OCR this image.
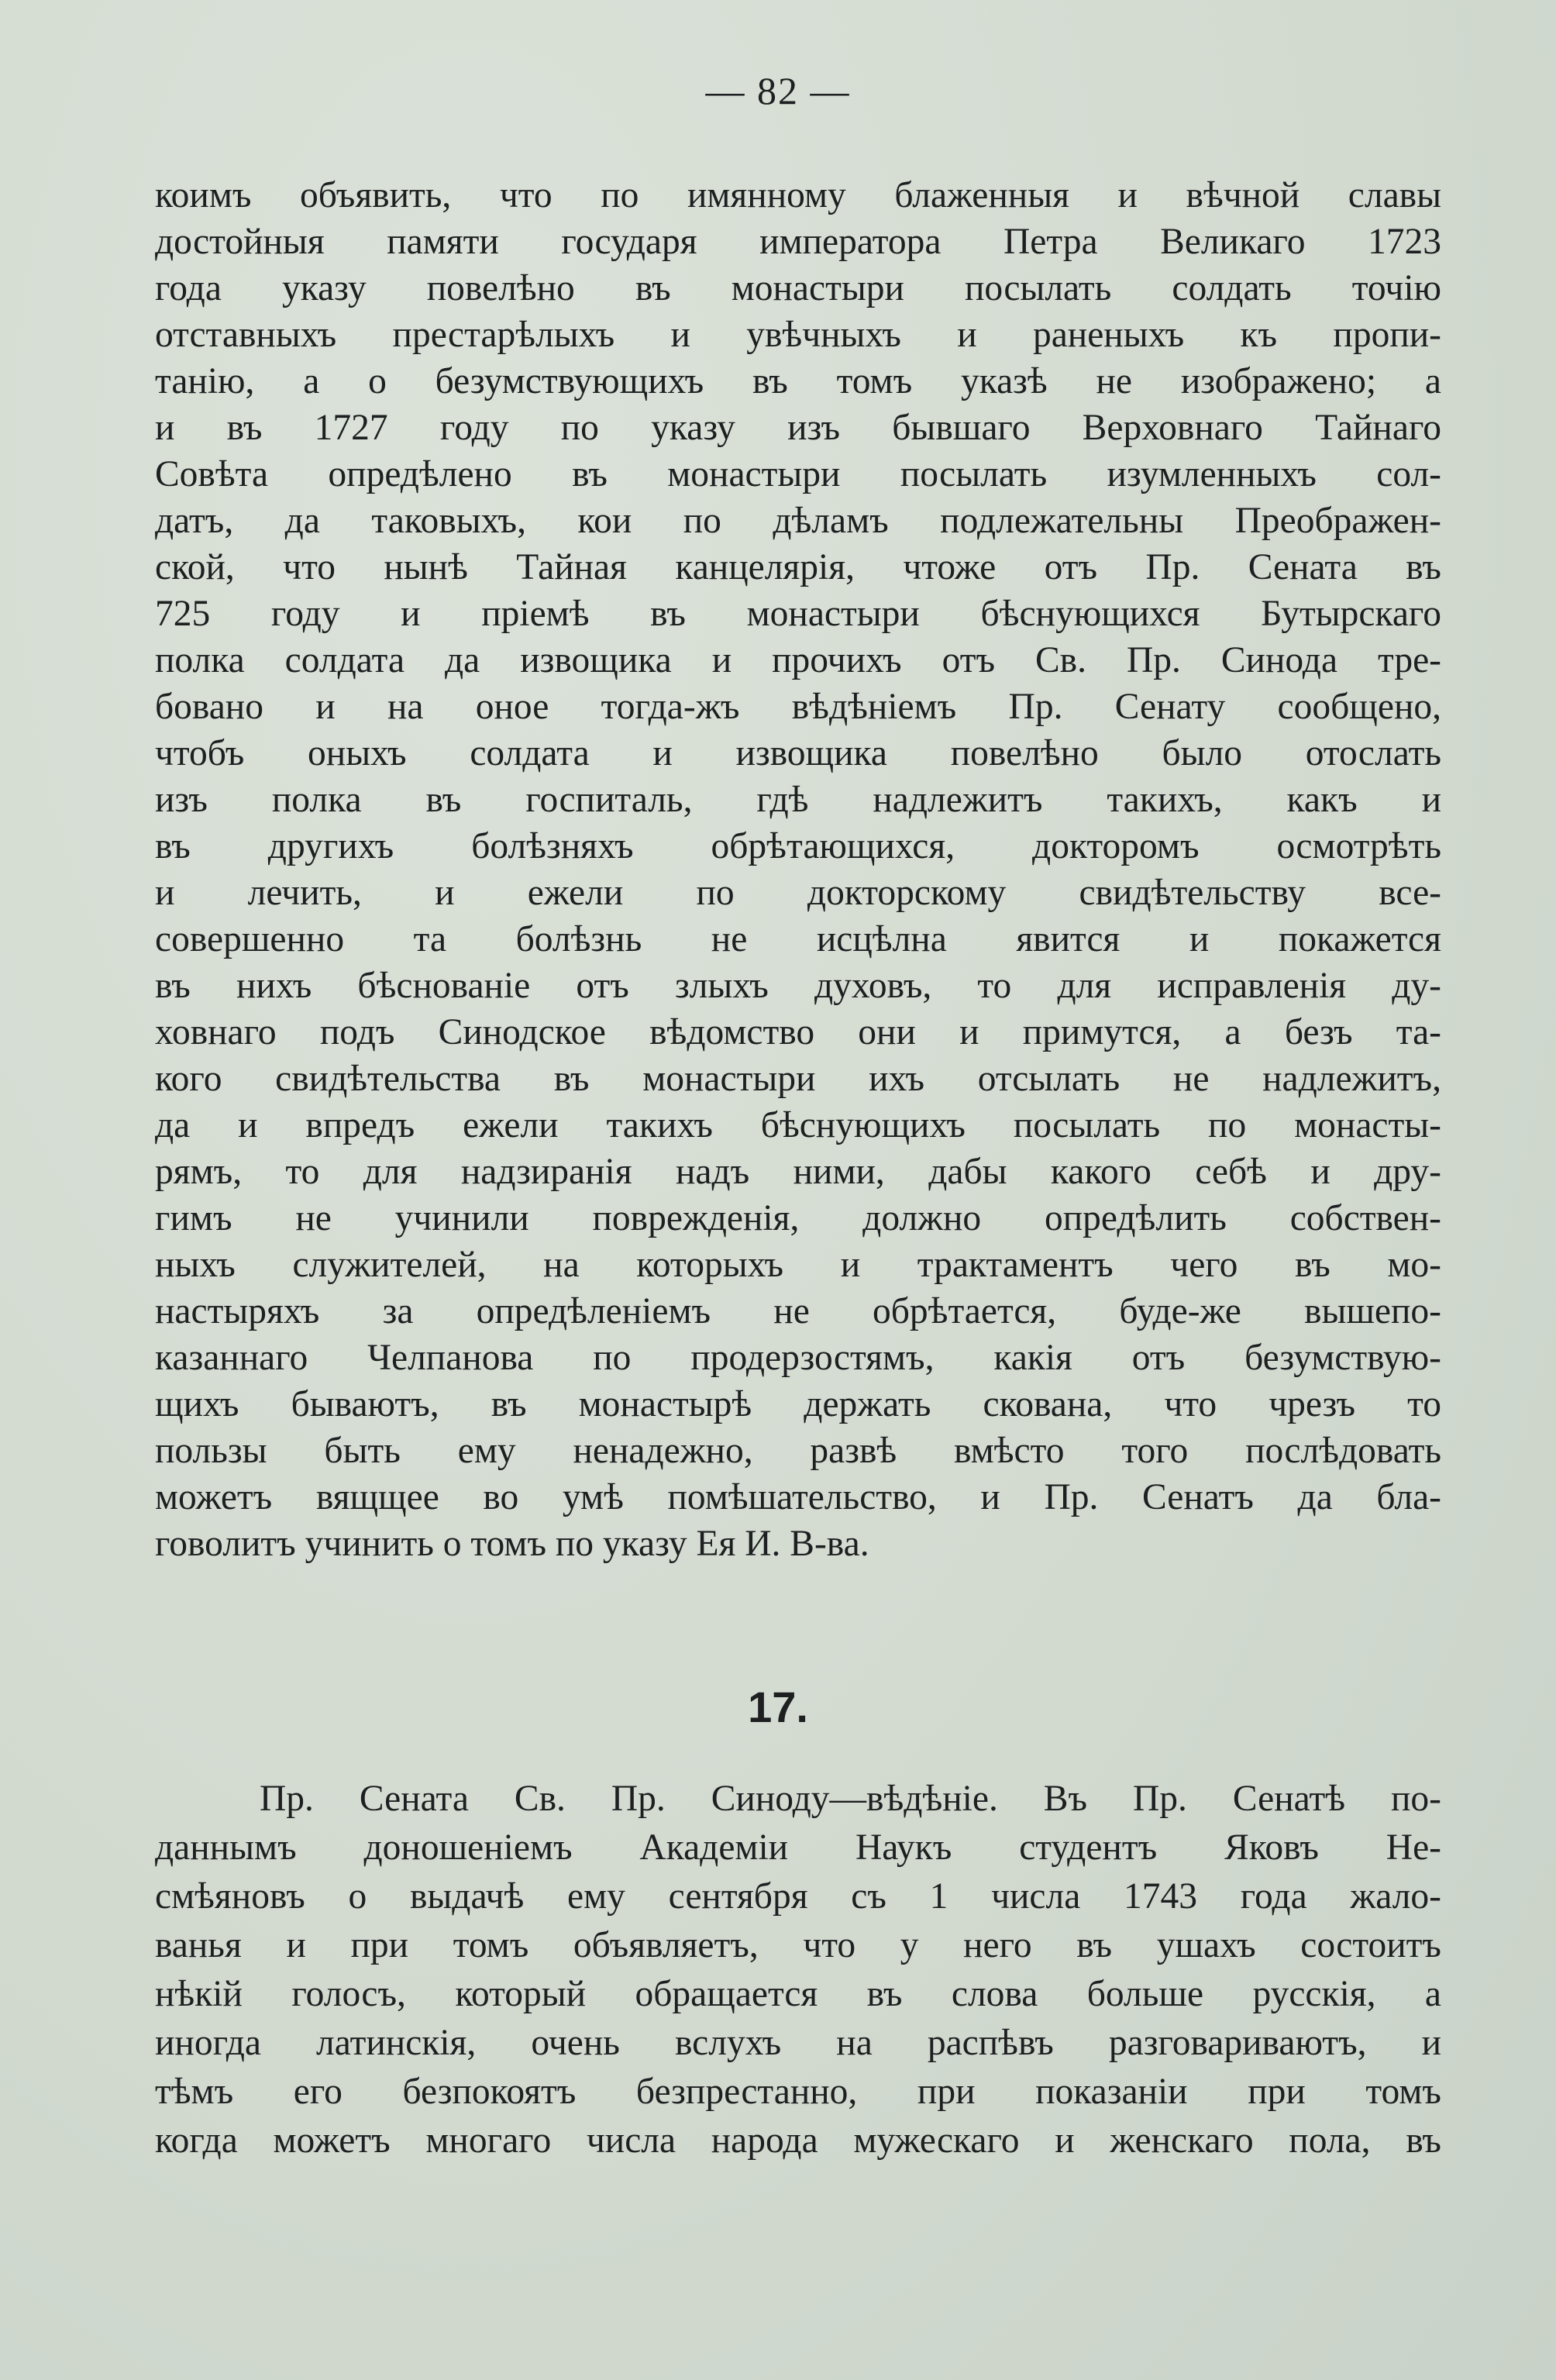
— 82 —
коимъ объявить, что по имянному блаженныя и вѣчной славы
достойныя памяти государя императора Петра Великаго 1723
года указу повелѣно въ монастыри посылать солдать точію
отставныхъ престарѣлыхъ и увѣчныхъ и раненыхъ къ пропи-
танію, а о безумствующихъ въ томъ указѣ не изображено; а
и въ 1727 году по указу изъ бывшаго Верховнаго Тайнаго
Совѣта опредѣлено въ монастыри посылать изумленныхъ сол-
датъ, да таковыхъ, кои по дѣламъ подлежательны Преображен-
ской, что нынѣ Тайная канцелярія, чтоже отъ Пр. Сената въ
725 году и пріемѣ въ монастыри бѣснующихся Бутырскаго
полка солдата да извощика и прочихъ отъ Св. Пр. Синода тре-
бовано и на оное тогда-жъ вѣдѣніемъ Пр. Сенату сообщено,
чтобъ оныхъ солдата и извощика повелѣно было отослать
изъ полка въ госпиталь, гдѣ надлежитъ такихъ, какъ и
въ другихъ болѣзняхъ обрѣтающихся, докторомъ осмотрѣть
и лечить, и ежели по докторскому свидѣтельству все-
совершенно та болѣзнь не исцѣлна явится и покажется
въ нихъ бѣснованіе отъ злыхъ духовъ, то для исправленія ду-
ховнаго подъ Синодское вѣдомство они и примутся, а безъ та-
кого свидѣтельства въ монастыри ихъ отсылать не надлежитъ,
да и впредъ ежели такихъ бѣснующихъ посылать по монасты-
рямъ, то для надзиранія надъ ними, дабы какого себѣ и дру-
гимъ не учинили поврежденія, должно опредѣлить собствен-
ныхъ служителей, на которыхъ и трактаментъ чего въ мо-
настыряхъ за опредѣленіемъ не обрѣтается, буде-же вышепо-
казаннаго Челпанова по продерзостямъ, какія отъ безумствую-
щихъ бываютъ, въ монастырѣ держать скована, что чрезъ то
пользы быть ему ненадежно, развѣ вмѣсто того послѣдовать
можетъ вящщее во умѣ помѣшательство, и Пр. Сенатъ да бла-
говолитъ учинить о томъ по указу Ея И. В-ва.
17.
Пр. Сената Св. Пр. Синоду—вѣдѣніе. Въ Пр. Сенатѣ по-
даннымъ доношеніемъ Академіи Наукъ студентъ Яковъ Не-
смѣяновъ о выдачѣ ему сентября съ 1 числа 1743 года жало-
ванья и при томъ объявляетъ, что у него въ ушахъ состоитъ
нѣкій голосъ, который обращается въ слова больше русскія, а
иногда латинскія, очень вслухъ на распѣвъ разговариваютъ, и
тѣмъ его безпокоятъ безпрестанно, при показаніи при томъ
когда можетъ многаго числа народа мужескаго и женскаго пола, въ
